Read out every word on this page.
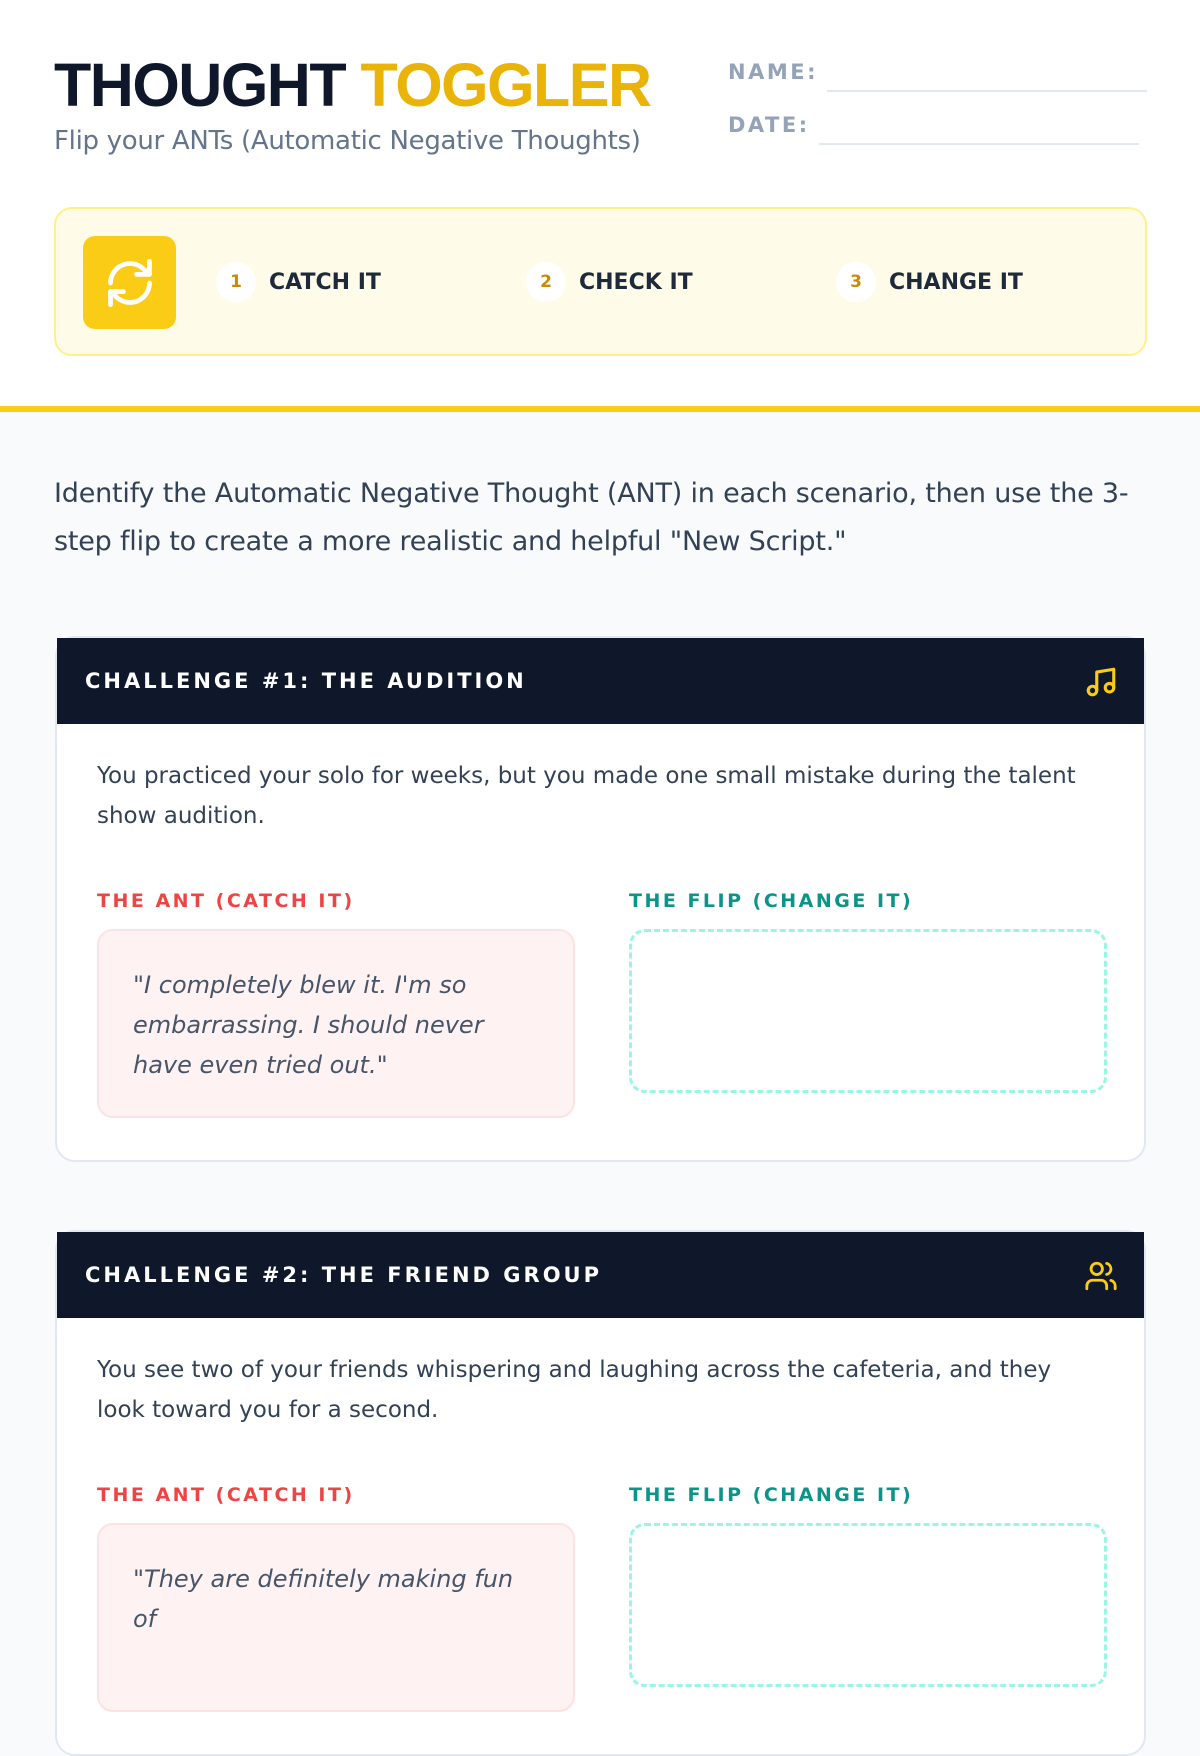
THOUGHT TOGGLER
Flip your ANTs (Automatic Negative Thoughts)
NAME:
DATE:
1	CATCH IT	2	CHECK IT	3	CHANGE IT
Identify the Automatic Negative Thought (ANT) in each scenario, then use the 3-step flip to create a more realistic and helpful "New Script."
CHALLENGE #1: THE AUDITION
You practiced your solo for weeks, but you made one small mistake during the talent show audition.
THE ANT (CATCH IT)	THE FLIP (CHANGE IT)
"I completely blew it. I'm so embarrassing. I should never have even tried out."
CHALLENGE #2: THE FRIEND GROUP
You see two of your friends whispering and laughing across the cafeteria, and they look toward you for a second.
THE ANT (CATCH IT)	THE FLIP (CHANGE IT)
"They are definitely making fun of
